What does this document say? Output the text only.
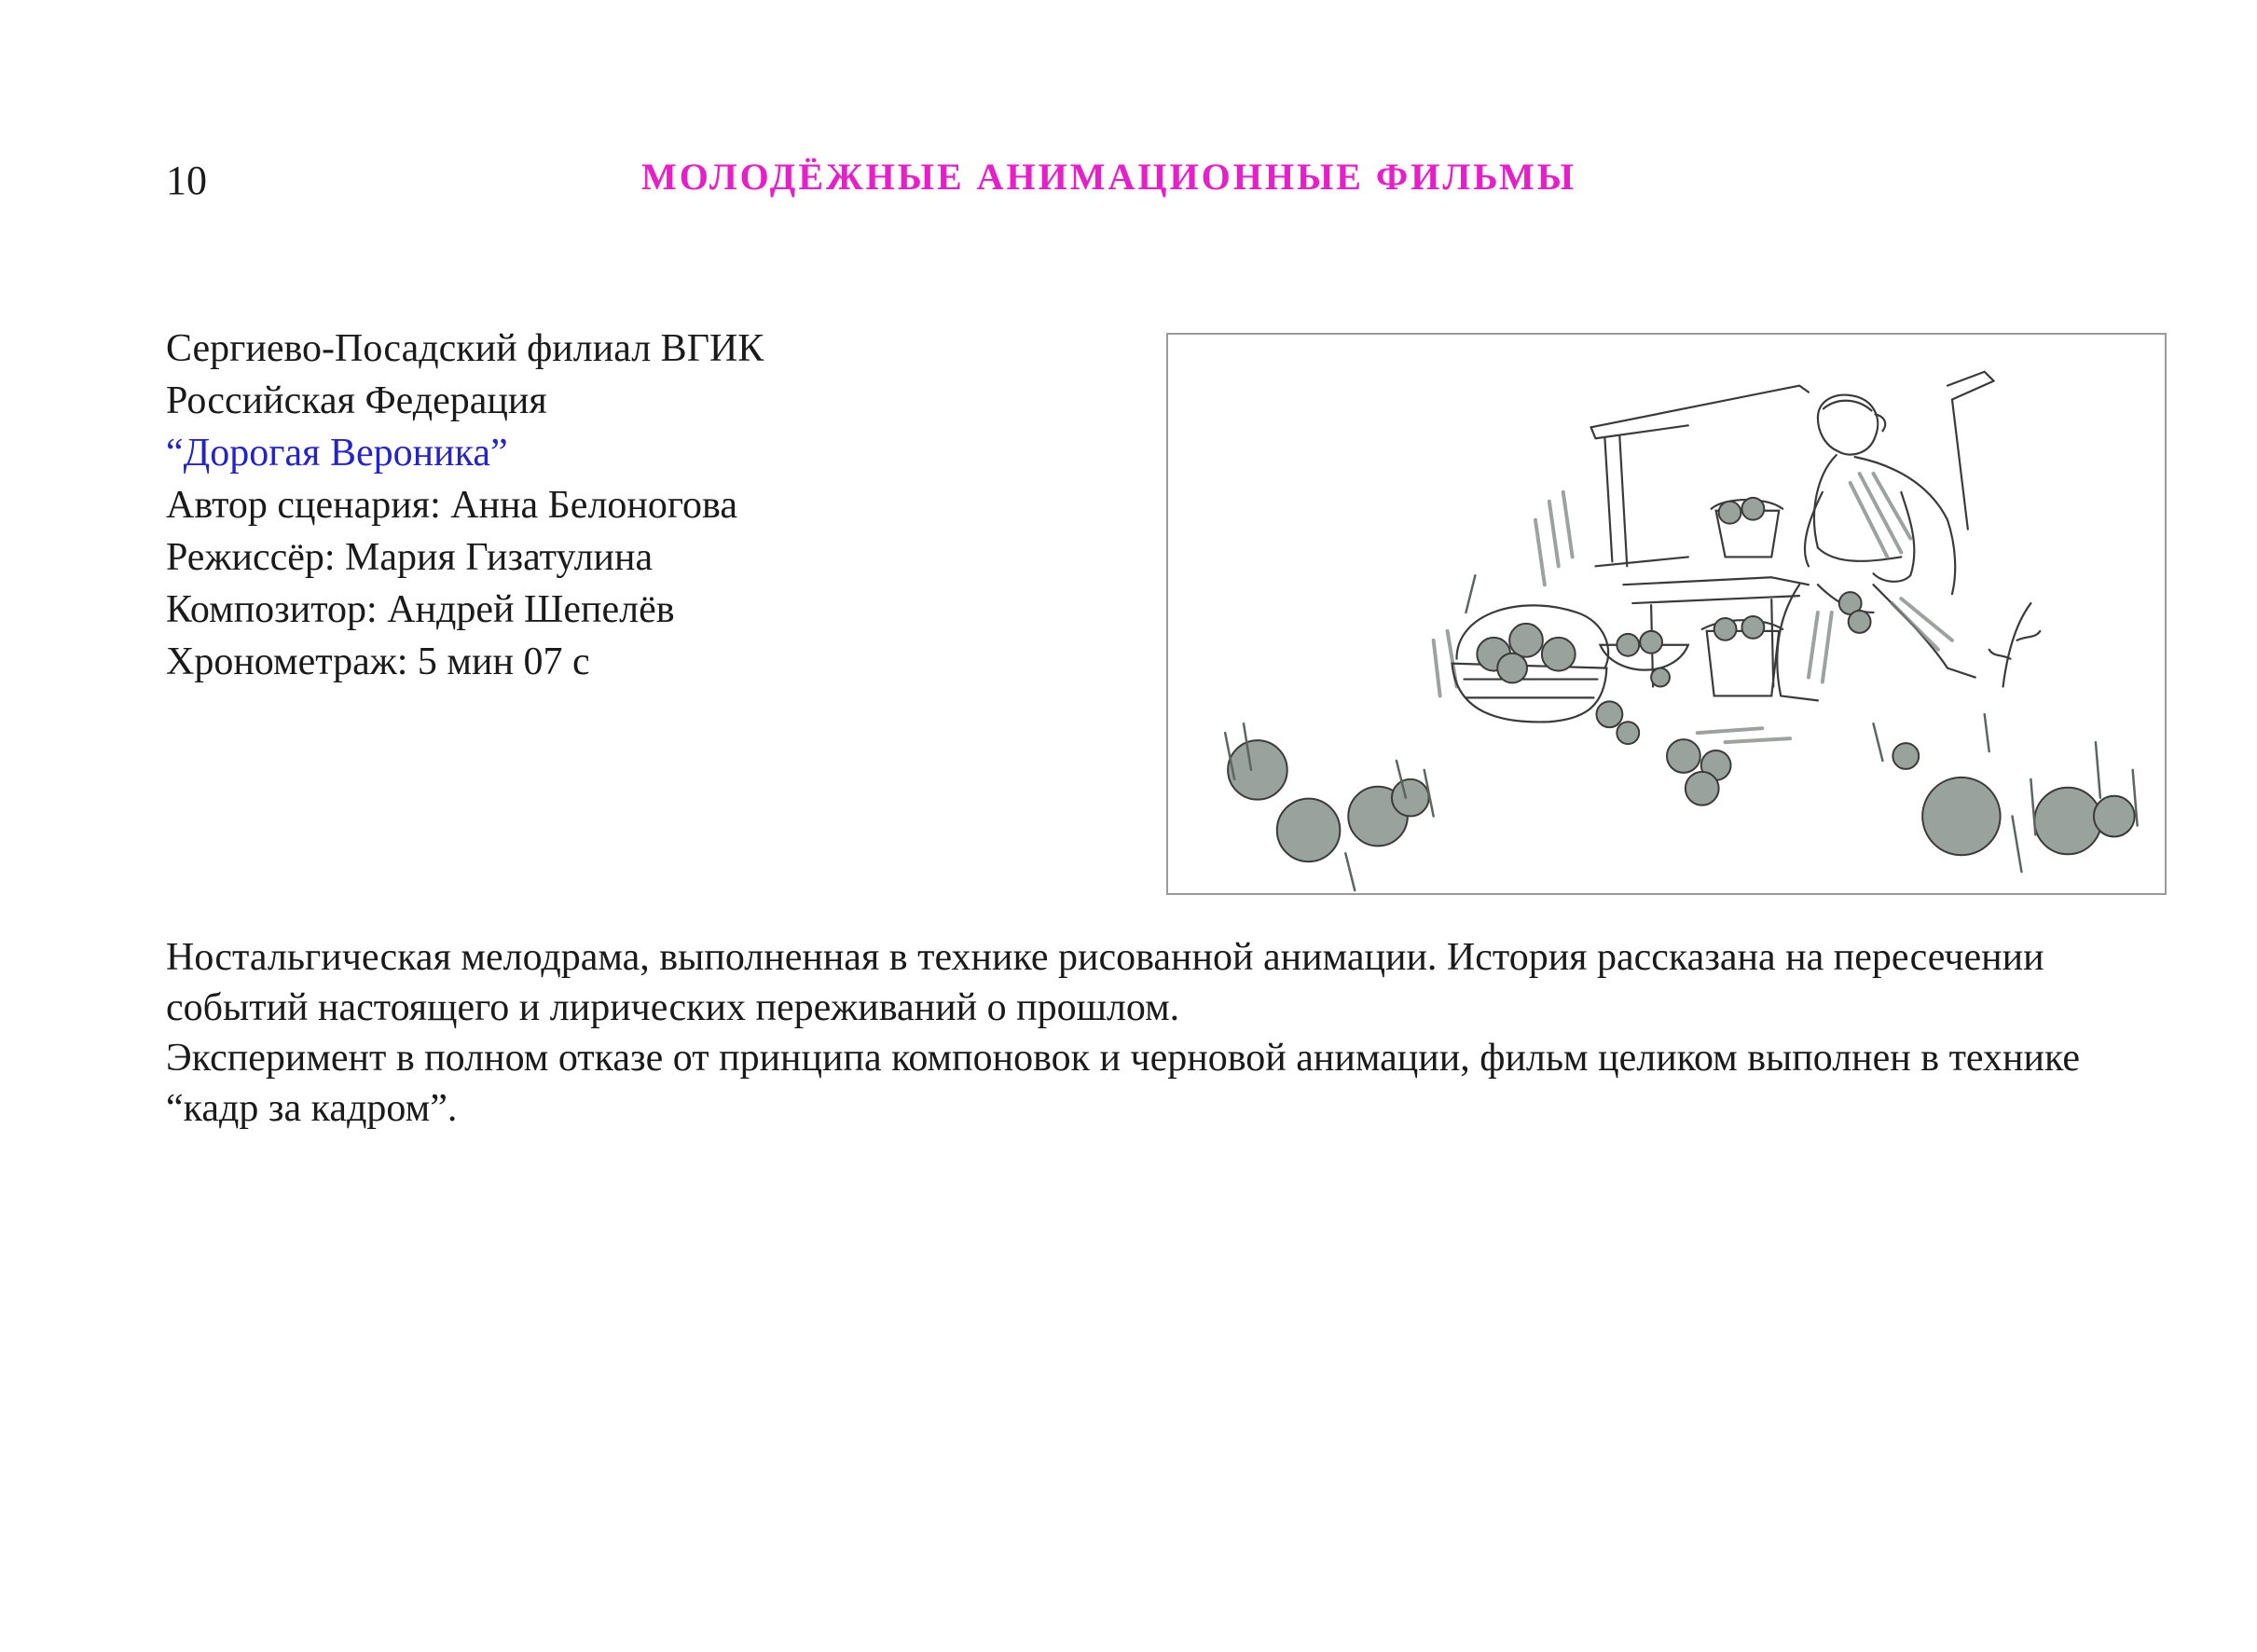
10	МОЛОДЁЖНЫЕ АНИМАЦИОННЫЕ ФИЛЬМЫ
Сергиево-Посадский филиал ВГИК
Российская Федерация
“Дорогая Вероника”
Автор сценария: Анна Белоногова
Режиссёр: Мария Гизатулина
Композитор: Андрей Шепелёв
Хронометраж: 5 мин 07 с

Ностальгическая мелодрама, выполненная в технике рисованной анимации. История рассказана на пересечении событий настоящего и лирических переживаний о прошлом.

Эксперимент в полном отказе от принципа компоновок и черновой анимации, фильм целиком выполнен в технике “кадр за кадром”.
